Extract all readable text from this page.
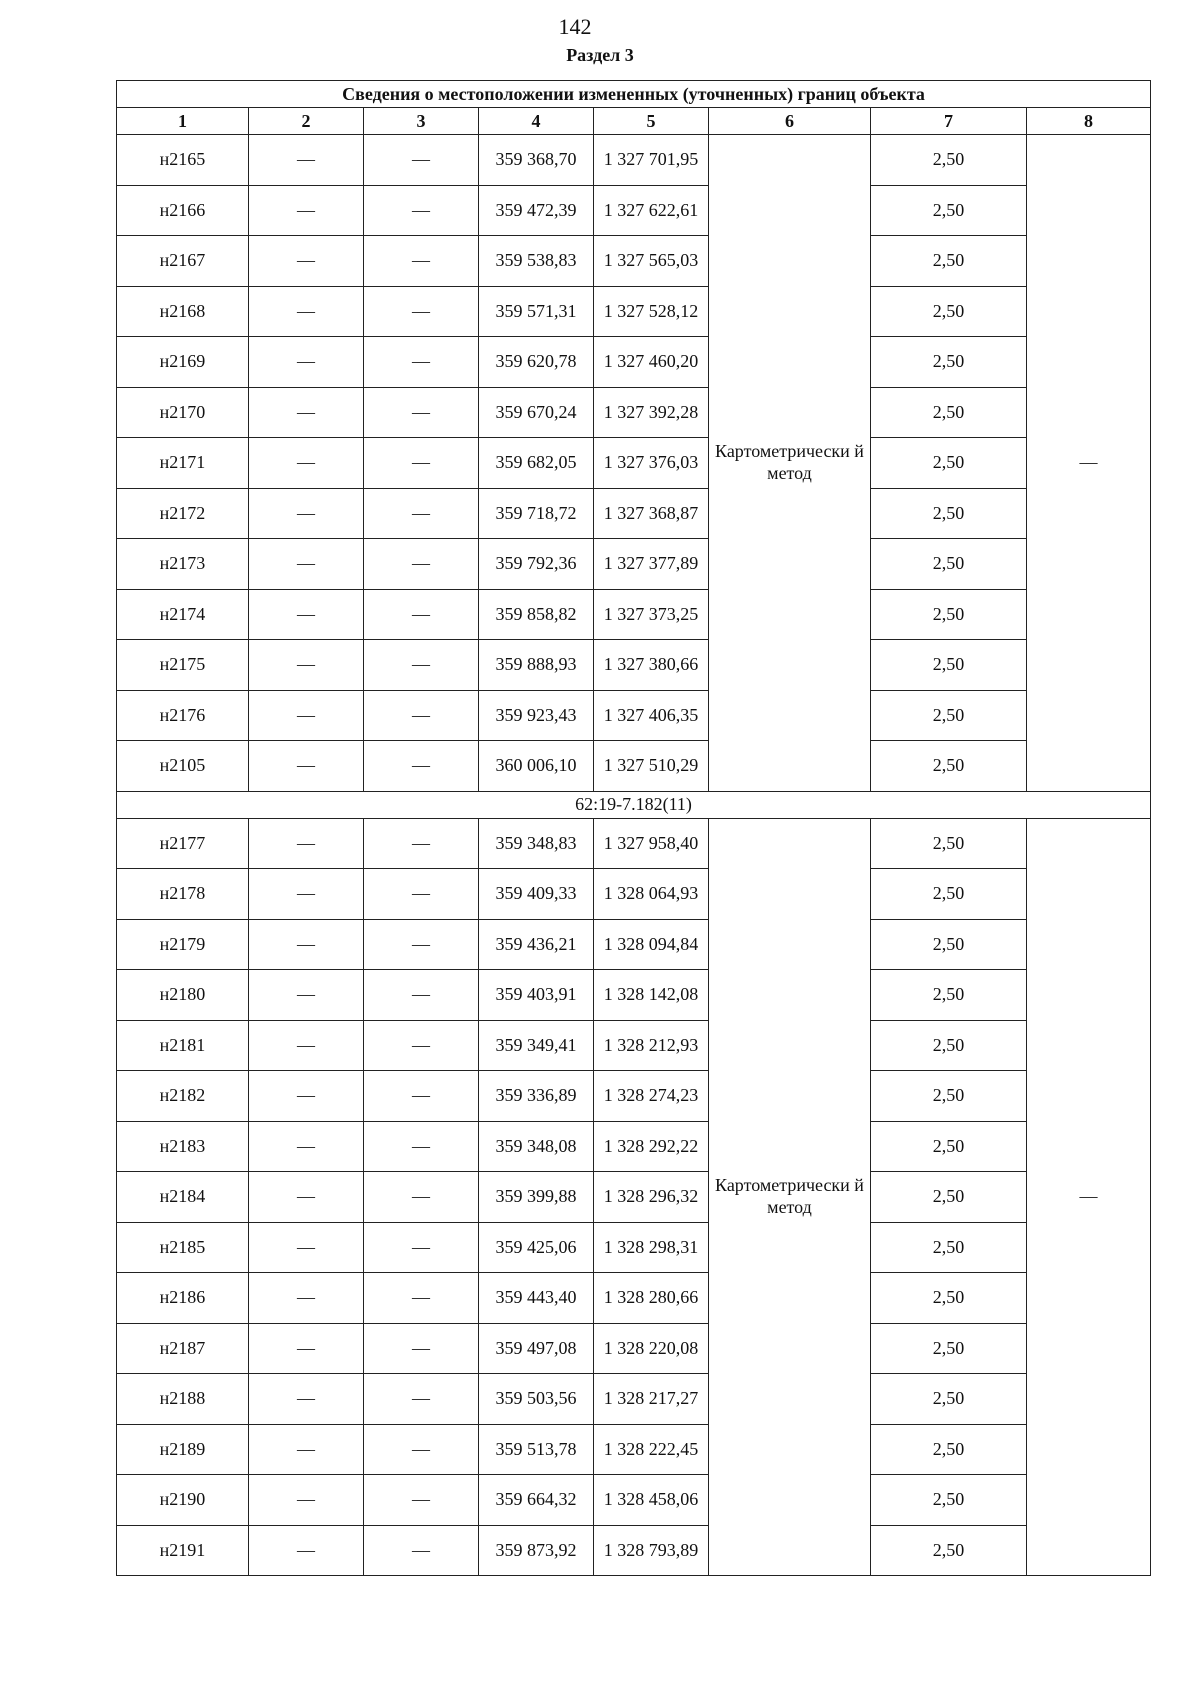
142
Раздел 3
Сведения о местоположении измененных (уточненных) границ объекта							
1	2	3	4	5	6	7	8
н2165	—	—	359 368,70	1 327 701,95	Картометрически й метод	2,50	—
н2166	—	—	359 472,39	1 327 622,61		2,50	
н2167	—	—	359 538,83	1 327 565,03		2,50	
н2168	—	—	359 571,31	1 327 528,12		2,50	
н2169	—	—	359 620,78	1 327 460,20		2,50	
н2170	—	—	359 670,24	1 327 392,28		2,50	
н2171	—	—	359 682,05	1 327 376,03		2,50	
н2172	—	—	359 718,72	1 327 368,87		2,50	
н2173	—	—	359 792,36	1 327 377,89		2,50	
н2174	—	—	359 858,82	1 327 373,25		2,50	
н2175	—	—	359 888,93	1 327 380,66		2,50	
н2176	—	—	359 923,43	1 327 406,35		2,50	
н2105	—	—	360 006,10	1 327 510,29		2,50	
62:19-7.182(11)							
н2177	—	—	359 348,83	1 327 958,40	Картометрически й метод	2,50	—
н2178	—	—	359 409,33	1 328 064,93		2,50	
н2179	—	—	359 436,21	1 328 094,84		2,50	
н2180	—	—	359 403,91	1 328 142,08		2,50	
н2181	—	—	359 349,41	1 328 212,93		2,50	
н2182	—	—	359 336,89	1 328 274,23		2,50	
н2183	—	—	359 348,08	1 328 292,22		2,50	
н2184	—	—	359 399,88	1 328 296,32		2,50	
н2185	—	—	359 425,06	1 328 298,31		2,50	
н2186	—	—	359 443,40	1 328 280,66		2,50	
н2187	—	—	359 497,08	1 328 220,08		2,50	
н2188	—	—	359 503,56	1 328 217,27		2,50	
н2189	—	—	359 513,78	1 328 222,45		2,50	
н2190	—	—	359 664,32	1 328 458,06		2,50	
н2191	—	—	359 873,92	1 328 793,89		2,50	
